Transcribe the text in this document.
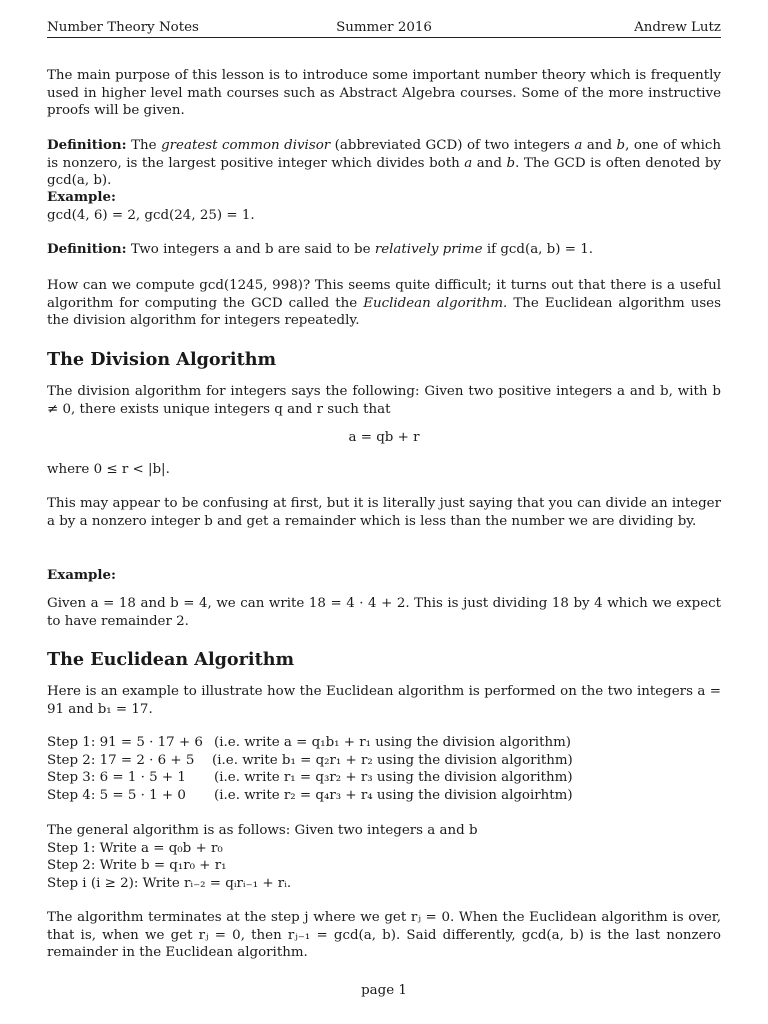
Number Theory Notes	Summer 2016	Andrew Lutz

The main purpose of this lesson is to introduce some important number theory which is frequently used in higher level math courses such as Abstract Algebra courses. Some of the more instructive proofs will be given.

Definition: The greatest common divisor (abbreviated GCD) of two integers a and b, one of which is nonzero, is the largest positive integer which divides both a and b. The GCD is often denoted by gcd(a, b).
Example:
gcd(4, 6) = 2, gcd(24, 25) = 1.
Definition: Two integers a and b are said to be relatively prime if gcd(a, b) = 1.
How can we compute gcd(1245, 998)? This seems quite difficult; it turns out that there is a useful algorithm for computing the GCD called the Euclidean algorithm. The Euclidean algorithm uses the division algorithm for integers repeatedly.
The Division Algorithm

The division algorithm for integers says the following: Given two positive integers a and b, with b ≠ 0, there exists unique integers q and r such that

a = qb + r

where 0 ≤ r < |b|.

This may appear to be confusing at first, but it is literally just saying that you can divide an integer a by a nonzero integer b and get a remainder which is less than the number we are dividing by.

Example:

Given a = 18 and b = 4, we can write 18 = 4 · 4 + 2. This is just dividing 18 by 4 which we expect to have remainder 2.

The Euclidean Algorithm

Here is an example to illustrate how the Euclidean algorithm is performed on the two integers a = 91 and b₁ = 17.

Step 1: 91 = 5 · 17 + 6 (i.e. write a = q₁b₁ + r₁ using the division algorithm)
Step 2: 17 = 2 · 6 + 5 (i.e. write b₁ = q₂r₁ + r₂ using the division algorithm)
Step 3: 6 = 1 · 5 + 1 (i.e. write r₁ = q₃r₂ + r₃ using the division algorithm)
Step 4: 5 = 5 · 1 + 0 (i.e. write r₂ = q₄r₃ + r₄ using the division algoirhtm)
The general algorithm is as follows: Given two integers a and b
Step 1: Write a = q₀b + r₀
Step 2: Write b = q₁r₀ + r₁
Step i (i ≥ 2): Write rᵢ₋₂ = qᵢrᵢ₋₁ + rᵢ.

The algorithm terminates at the step j where we get rⱼ = 0. When the Euclidean algorithm is over, that is, when we get rⱼ = 0, then rⱼ₋₁ = gcd(a, b). Said differently, gcd(a, b) is the last nonzero remainder in the Euclidean algorithm.

page 1
